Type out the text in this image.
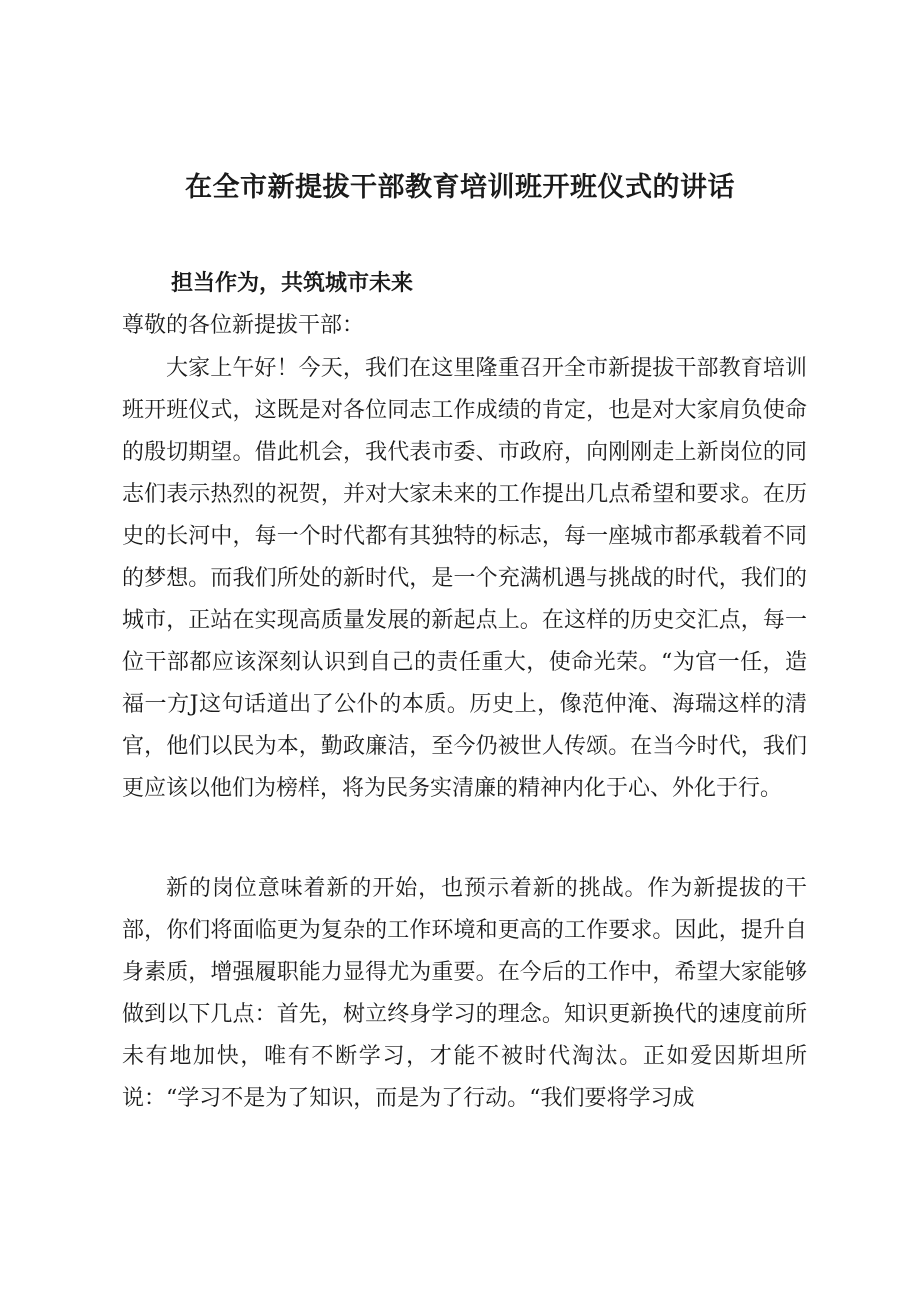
在全市新提拔干部教育培训班开班仪式的讲话
担当作为，共筑城市未来
尊敬的各位新提拔干部：

大家上午好！今天，我们在这里隆重召开全市新提拔干部教育培训班开班仪式，这既是对各位同志工作成绩的肯定，也是对大家肩负使命的殷切期望。借此机会，我代表市委、市政府，向刚刚走上新岗位的同志们表示热烈的祝贺，并对大家未来的工作提出几点希望和要求。在历史的长河中，每一个时代都有其独特的标志，每一座城市都承载着不同的梦想。而我们所处的新时代，是一个充满机遇与挑战的时代，我们的城市，正站在实现高质量发展的新起点上。在这样的历史交汇点，每一位干部都应该深刻认识到自己的责任重大，使命光荣。“为官一任，造福一方J这句话道出了公仆的本质。历史上，像范仲淹、海瑞这样的清官，他们以民为本，勤政廉洁，至今仍被世人传颂。在当今时代，我们更应该以他们为榜样，将为民务实清廉的精神内化于心、外化于行。

新的岗位意味着新的开始，也预示着新的挑战。作为新提拔的干部，你们将面临更为复杂的工作环境和更高的工作要求。因此，提升自身素质，增强履职能力显得尤为重要。在今后的工作中，希望大家能够做到以下几点：首先，树立终身学习的理念。知识更新换代的速度前所未有地加快，唯有不断学习，才能不被时代淘汰。正如爱因斯坦所说：“学习不是为了知识，而是为了行动。“我们要将学习成
